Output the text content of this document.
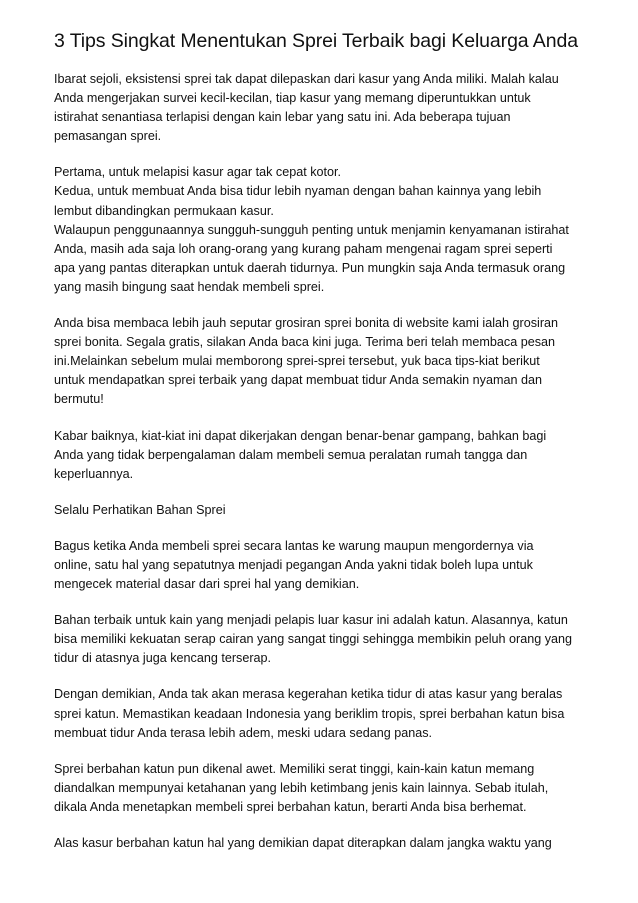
3 Tips Singkat Menentukan Sprei Terbaik bagi Keluarga Anda

Ibarat sejoli, eksistensi sprei tak dapat dilepaskan dari kasur yang Anda miliki. Malah kalau
Anda mengerjakan survei kecil-kecilan, tiap kasur yang memang diperuntukkan untuk
istirahat senantiasa terlapisi dengan kain lebar yang satu ini. Ada beberapa tujuan
pemasangan sprei.

Pertama, untuk melapisi kasur agar tak cepat kotor.
Kedua, untuk membuat Anda bisa tidur lebih nyaman dengan bahan kainnya yang lebih
lembut dibandingkan permukaan kasur.
Walaupun penggunaannya sungguh-sungguh penting untuk menjamin kenyamanan istirahat
Anda, masih ada saja loh orang-orang yang kurang paham mengenai ragam sprei seperti
apa yang pantas diterapkan untuk daerah tidurnya. Pun mungkin saja Anda termasuk orang
yang masih bingung saat hendak membeli sprei.

Anda bisa membaca lebih jauh seputar grosiran sprei bonita di website kami ialah grosiran
sprei bonita. Segala gratis, silakan Anda baca kini juga. Terima beri telah membaca pesan
ini.Melainkan sebelum mulai memborong sprei-sprei tersebut, yuk baca tips-kiat berikut
untuk mendapatkan sprei terbaik yang dapat membuat tidur Anda semakin nyaman dan
bermutu!

Kabar baiknya, kiat-kiat ini dapat dikerjakan dengan benar-benar gampang, bahkan bagi
Anda yang tidak berpengalaman dalam membeli semua peralatan rumah tangga dan
keperluannya.

Selalu Perhatikan Bahan Sprei

Bagus ketika Anda membeli sprei secara lantas ke warung maupun mengordernya via
online, satu hal yang sepatutnya menjadi pegangan Anda yakni tidak boleh lupa untuk
mengecek material dasar dari sprei hal yang demikian.

Bahan terbaik untuk kain yang menjadi pelapis luar kasur ini adalah katun. Alasannya, katun
bisa memiliki kekuatan serap cairan yang sangat tinggi sehingga membikin peluh orang yang
tidur di atasnya juga kencang terserap.

Dengan demikian, Anda tak akan merasa kegerahan ketika tidur di atas kasur yang beralas
sprei katun. Memastikan keadaan Indonesia yang beriklim tropis, sprei berbahan katun bisa
membuat tidur Anda terasa lebih adem, meski udara sedang panas.

Sprei berbahan katun pun dikenal awet. Memiliki serat tinggi, kain-kain katun memang
diandalkan mempunyai ketahanan yang lebih ketimbang jenis kain lainnya. Sebab itulah,
dikala Anda menetapkan membeli sprei berbahan katun, berarti Anda bisa berhemat.

Alas kasur berbahan katun hal yang demikian dapat diterapkan dalam jangka waktu yang
